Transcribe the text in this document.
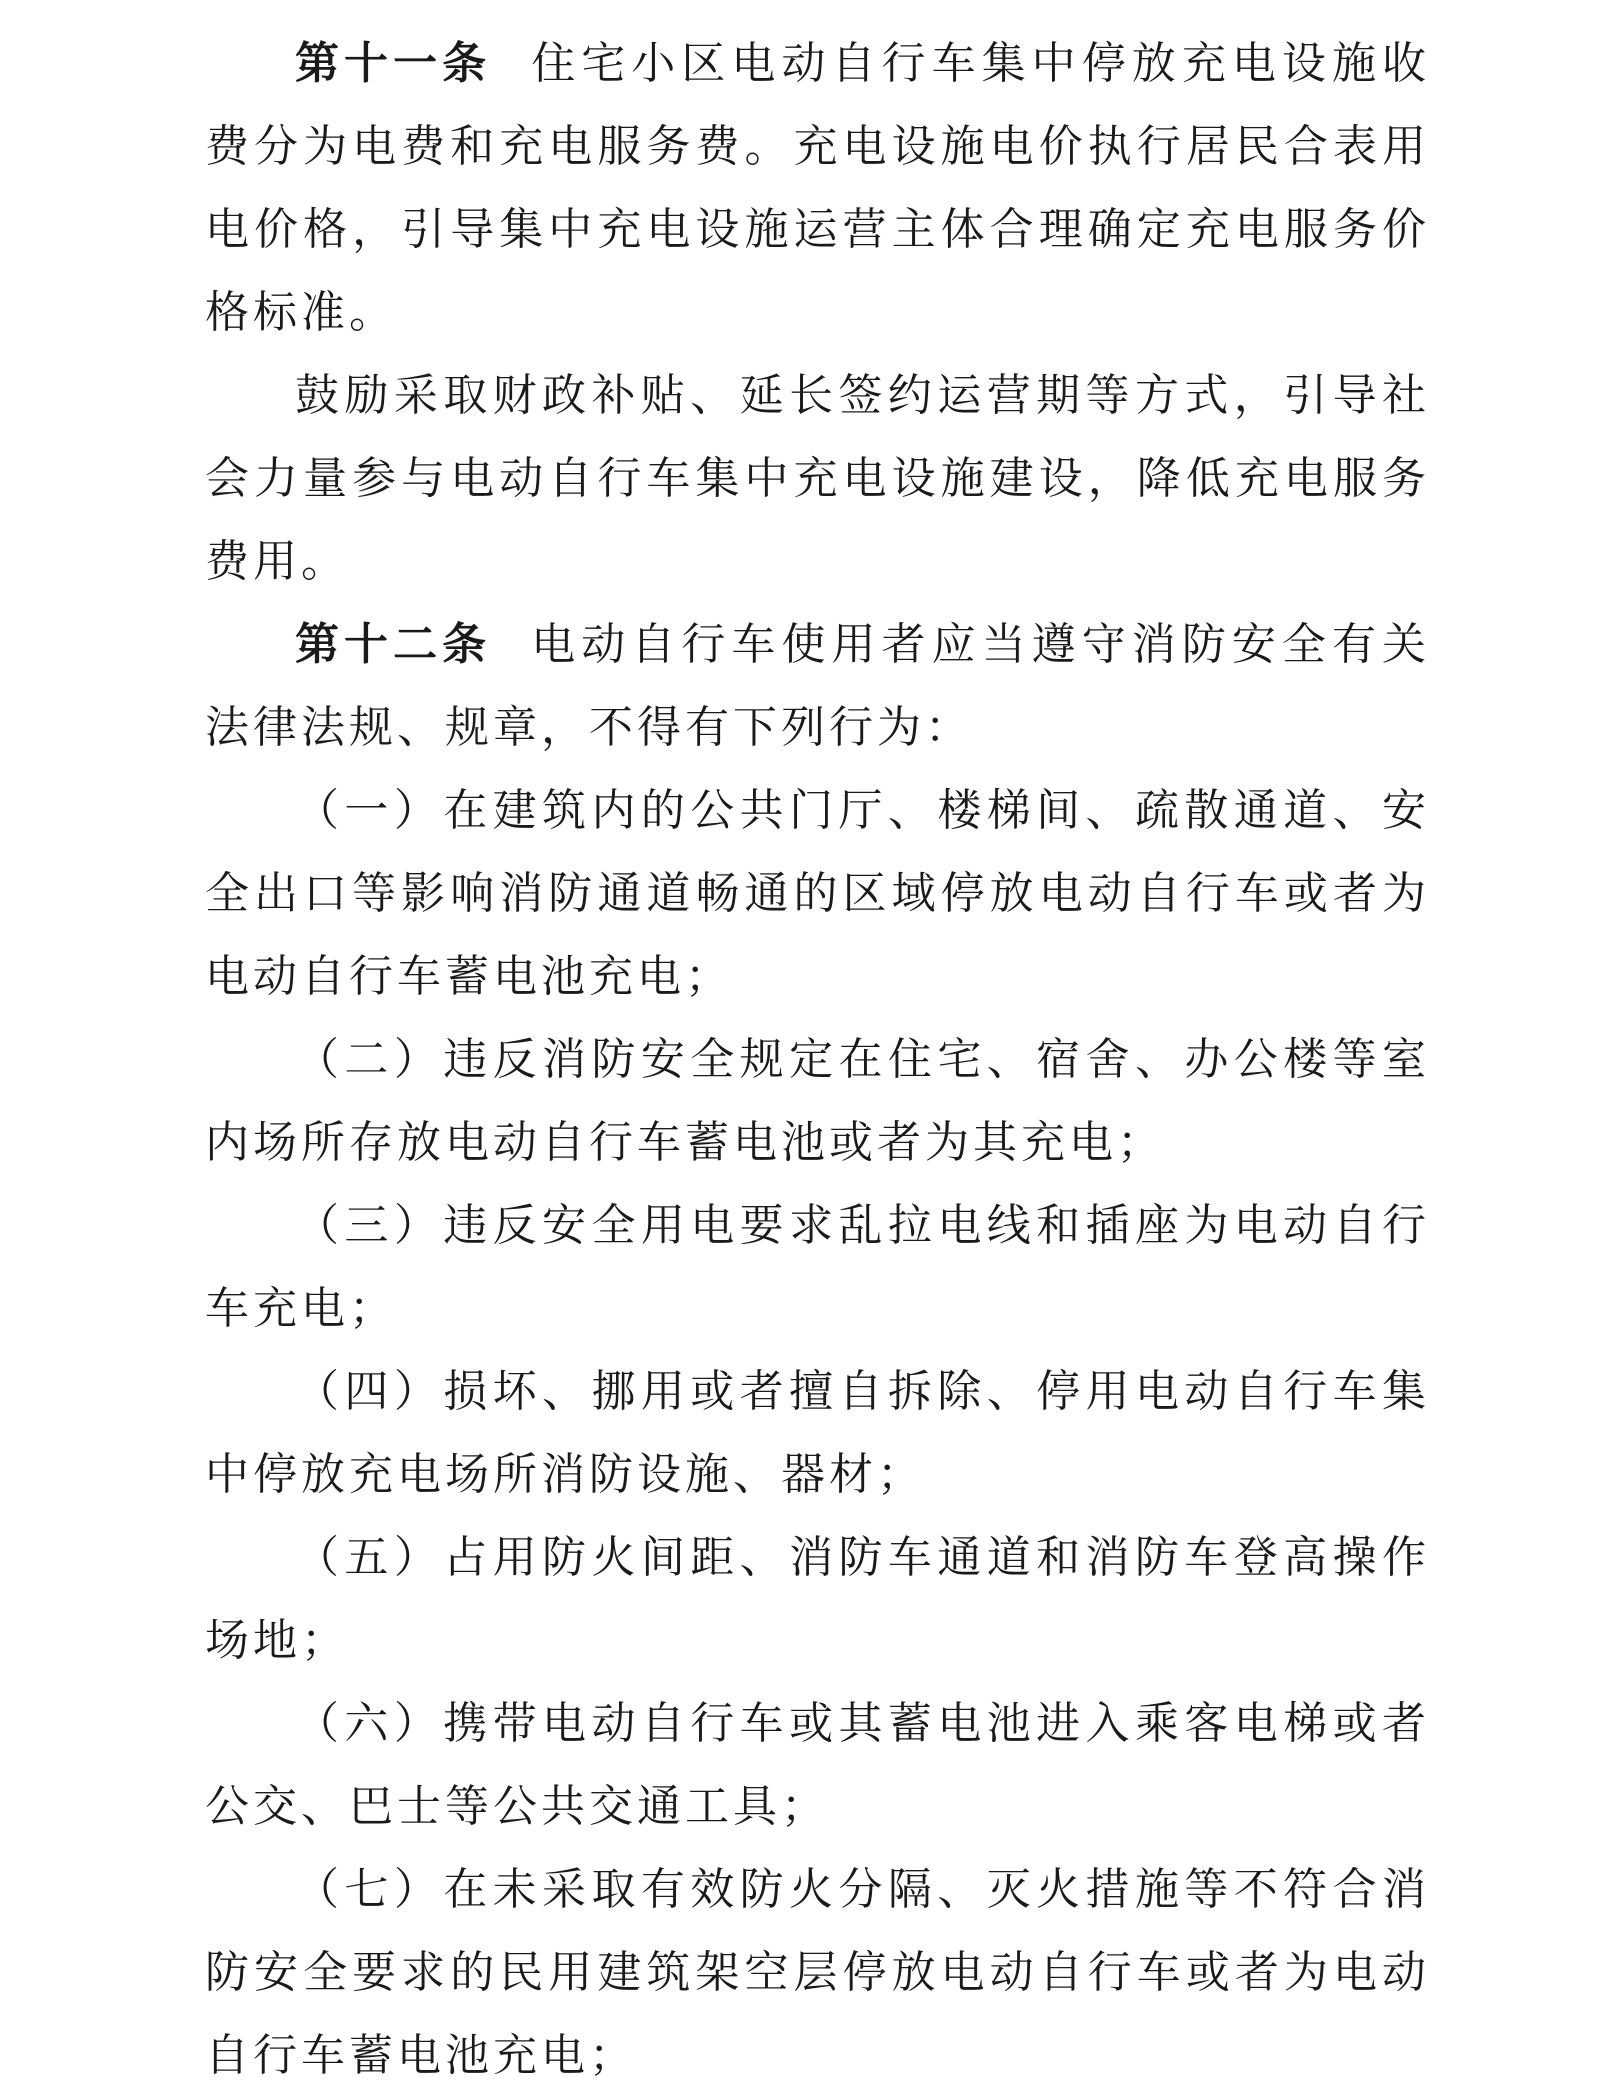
第十一条 住宅小区电动自行车集中停放充电设施收费分为电费和充电服务费。充电设施电价执行居民合表用电价格，引导集中充电设施运营主体合理确定充电服务价格标准。

鼓励采取财政补贴、延长签约运营期等方式，引导社会力量参与电动自行车集中充电设施建设，降低充电服务费用。

第十二条 电动自行车使用者应当遵守消防安全有关法律法规、规章，不得有下列行为：

（一）在建筑内的公共门厅、楼梯间、疏散通道、安全出口等影响消防通道畅通的区域停放电动自行车或者为电动自行车蓄电池充电；

（二）违反消防安全规定在住宅、宿舍、办公楼等室内场所存放电动自行车蓄电池或者为其充电；

（三）违反安全用电要求乱拉电线和插座为电动自行车充电；

（四）损坏、挪用或者擅自拆除、停用电动自行车集中停放充电场所消防设施、器材；

（五）占用防火间距、消防车通道和消防车登高操作场地；

（六）携带电动自行车或其蓄电池进入乘客电梯或者公交、巴士等公共交通工具；

（七）在未采取有效防火分隔、灭火措施等不符合消防安全要求的民用建筑架空层停放电动自行车或者为电动自行车蓄电池充电；
